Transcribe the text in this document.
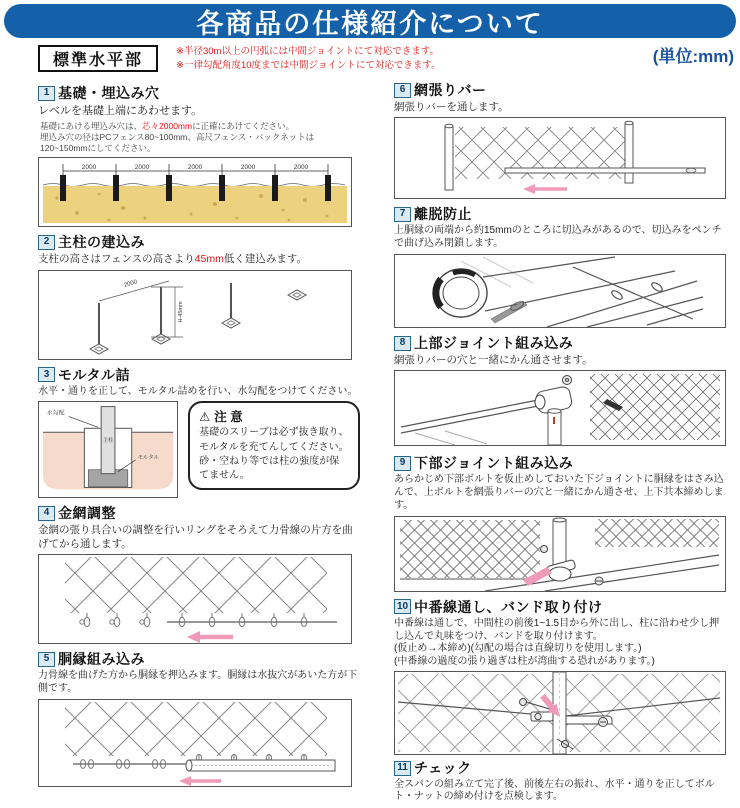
各商品の仕様紹介について
標準水平部
※半径30m以上の円弧には中間ジョイントにて対応できます。
※一律勾配角度10度までは中間ジョイントにて対応できます。	(単位:mm)
1 基礎・埋込み穴
レベルを基礎上端にあわせます。
基礎にあける埋込み穴は、芯々2000mmに正確にあけてください。
埋込み穴の径はPCフェンス80~100mm、高尺フェンス・バックネットは120~150mmにしてください。
2000	2000	2000	2000	2000
2 主柱の建込み
支柱の高さはフェンスの高さより45mm低く建込みます。
2000
H-45mm
3 モルタル詰
水平・通りを正して、モルタル詰めを行い、水勾配をつけてください。
水勾配
主柱
モルタル
⚠ 注 意
基礎のスリーブは必ず抜き取り、モルタルを充てんしてください。砂・空ねり等では柱の強度が保てません。
4 金網調整
金網の張り具合いの調整を行いリングをそろえて力骨線の片方を曲げてから通します。
5 胴縁組み込み
力骨線を曲げた方から胴縁を押込みます。胴縁は水抜穴があいた方が下側です。
6 網張りバー
網張りバーを通します。
7 離脱防止
上胴縁の両端から約15mmのところに切込みがあるので、切込みをペンチで曲げ込み閉鎖します。
8 上部ジョイント組み込み
網張りバーの穴と一緒にかん通させます。
9 下部ジョイント組み込み
あらかじめ下部ボルトを仮止めしておいた下ジョイントに胴縁をはさみ込んで、上ボルトを網張りバーの穴と一緒にかん通させ、上下共本締めします。
10 中番線通し、バンド取り付け
中番線は通しで、中間柱の前後1~1.5目から外に出し、柱に沿わせ少し押し込んで丸味をつけ、バンドを取り付けます。
(仮止め→本締め)(勾配の場合は直線切りを使用します。)
(中番線の過度の張り過ぎは柱が湾曲する恐れがあります。)
11 チェック
全スパンの組み立て完了後、前後左右の振れ、水平・通りを正してボルト・ナットの締め付けを点検します。
